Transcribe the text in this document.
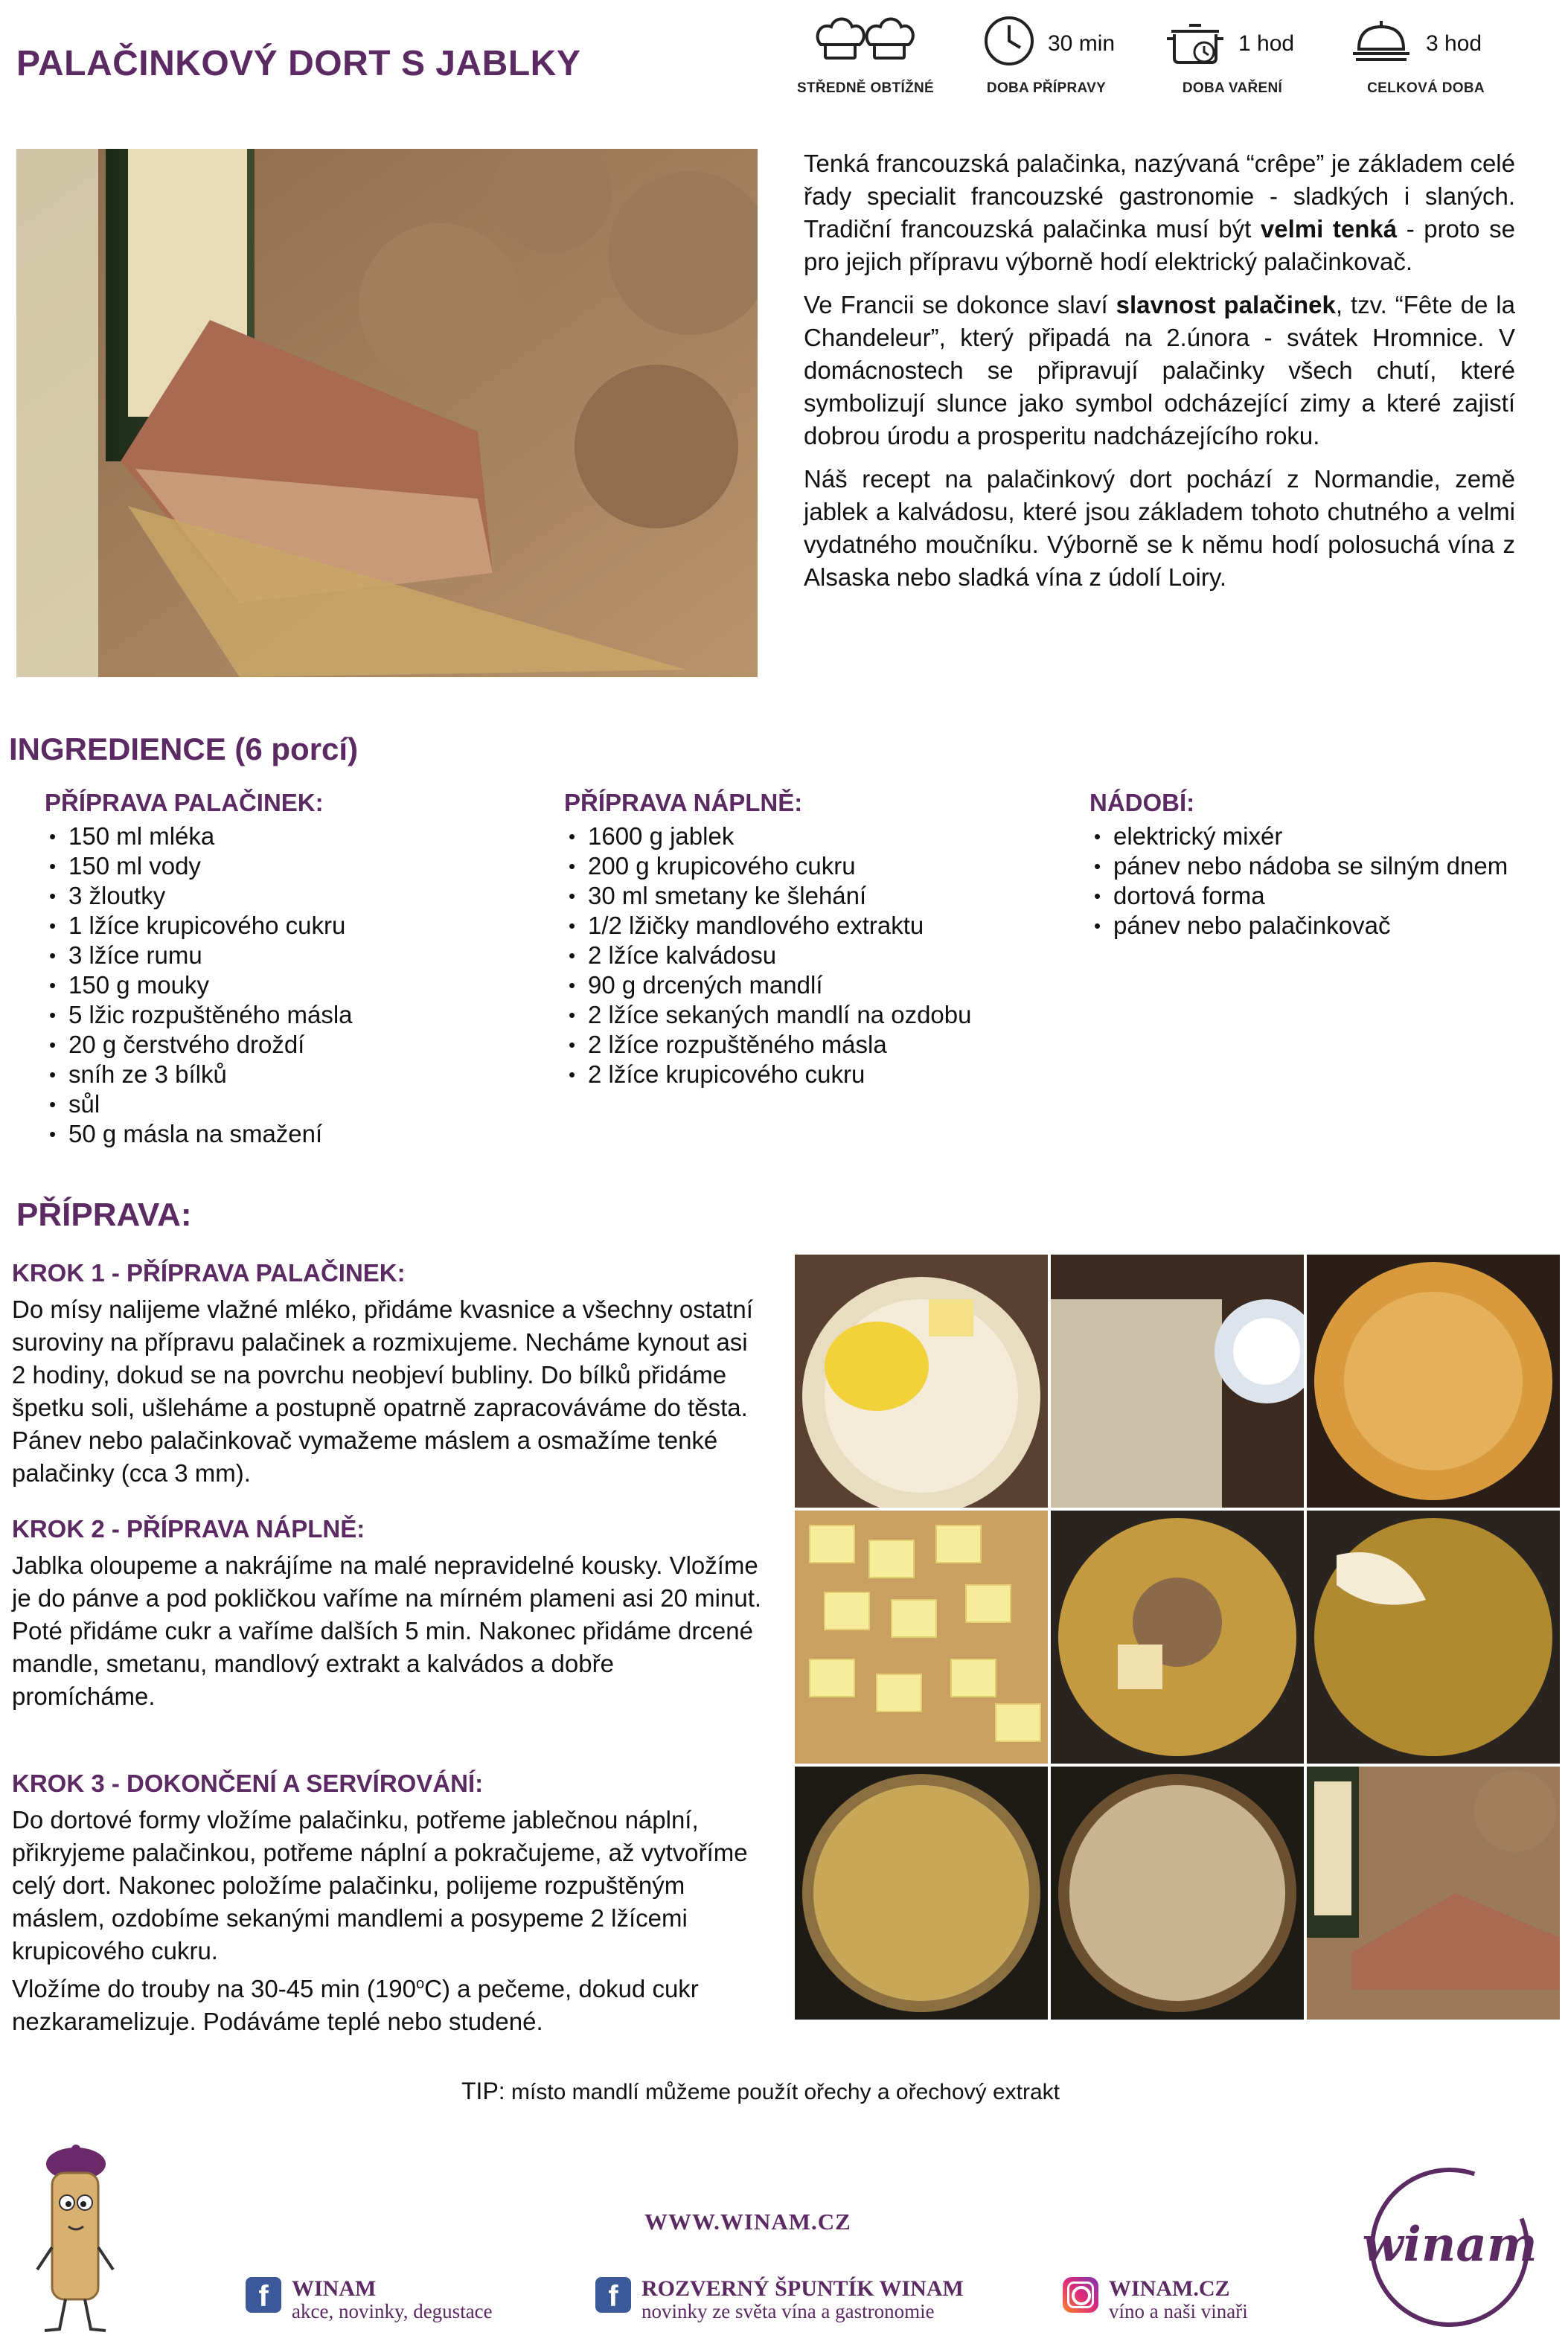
PALAČINKOVÝ DORT S JABLKY
STŘEDNĚ OBTÍŽNÉ
30 min
DOBA PŘÍPRAVY
1 hod
DOBA VAŘENÍ
3 hod
CELKOVÁ DOBA

Tenká francouzská palačinka, nazývaná “crêpe” je základem celé řady specialit francouzské gastronomie - sladkých i slaných. Tradiční francouzská palačinka musí být velmi tenká - proto se pro jejich přípravu výborně hodí elektrický palačinkovač.

Ve Francii se dokonce slaví slavnost palačinek, tzv. “Fête de la Chandeleur”, který připadá na 2.února - svátek Hromnice. V domácnostech se připravují palačinky všech chutí, které symbolizují slunce jako symbol odcházející zimy a které zajistí dobrou úrodu a prosperitu nadcházejícího roku.

Náš recept na palačinkový dort pochází z Normandie, země jablek a kalvádosu, které jsou základem tohoto chutného a velmi vydatného moučníku. Výborně se k němu hodí polosuchá vína z Alsaska nebo sladká vína z údolí Loiry.

INGREDIENCE (6 porcí)
PŘÍPRAVA PALAČINEK:
• 150 ml mléka
• 150 ml vody
• 3 žloutky
• 1 lžíce krupicového cukru
• 3 lžíce rumu
• 150 g mouky
• 5 lžic rozpuštěného másla
• 20 g čerstvého droždí
• sníh ze 3 bílků
• sůl
• 50 g másla na smažení
PŘÍPRAVA NÁPLNĚ:
• 1600 g jablek
• 200 g krupicového cukru
• 30 ml smetany ke šlehání
• 1/2 lžičky mandlového extraktu
• 2 lžíce kalvádosu
• 90 g drcených mandlí
• 2 lžíce sekaných mandlí na ozdobu
• 2 lžíce rozpuštěného másla
• 2 lžíce krupicového cukru
NÁDOBÍ:
• elektrický mixér
• pánev nebo nádoba se silným dnem
• dortová forma
• pánev nebo palačinkovač
PŘÍPRAVA:
KROK 1 - PŘÍPRAVA PALAČINEK:
Do mísy nalijeme vlažné mléko, přidáme kvasnice a všechny ostatní suroviny na přípravu palačinek a rozmixujeme. Necháme kynout asi 2 hodiny, dokud se na povrchu neobjeví bubliny. Do bílků přidáme špetku soli, ušleháme a postupně opatrně zapracováváme do těsta. Pánev nebo palačinkovač vymažeme máslem a osmažíme tenké palačinky (cca 3 mm).
KROK 2 - PŘÍPRAVA NÁPLNĚ:
Jablka oloupeme a nakrájíme na malé nepravidelné kousky. Vložíme je do pánve a pod pokličkou vaříme na mírném plameni asi 20 minut. Poté přidáme cukr a vaříme dalších 5 min. Nakonec přidáme drcené mandle, smetanu, mandlový extrakt a kalvádos a dobře promícháme.
KROK 3 - DOKONČENÍ A SERVÍROVÁNÍ:
Do dortové formy vložíme palačinku, potřeme jablečnou náplní, přikryjeme palačinkou, potřeme náplní a pokračujeme, až vytvoříme celý dort. Nakonec položíme palačinku, polijeme rozpuštěným máslem, ozdobíme sekanými mandlemi a posypeme 2 lžícemi krupicového cukru.
Vložíme do trouby na 30-45 min (190$^o$C) a pečeme, dokud cukr nezkaramelizuje. Podáváme teplé nebo studené.
TIP: místo mandlí můžeme použít ořechy a ořechový extrakt
WWW.WINAM.CZ
f	WINAM
akce, novinky, degustace	f	ROZVERNÝ ŠPUNTÍK WINAM
novinky ze světa vína a gastronomie
WINAM.CZ
víno a naši vinaři
winam
